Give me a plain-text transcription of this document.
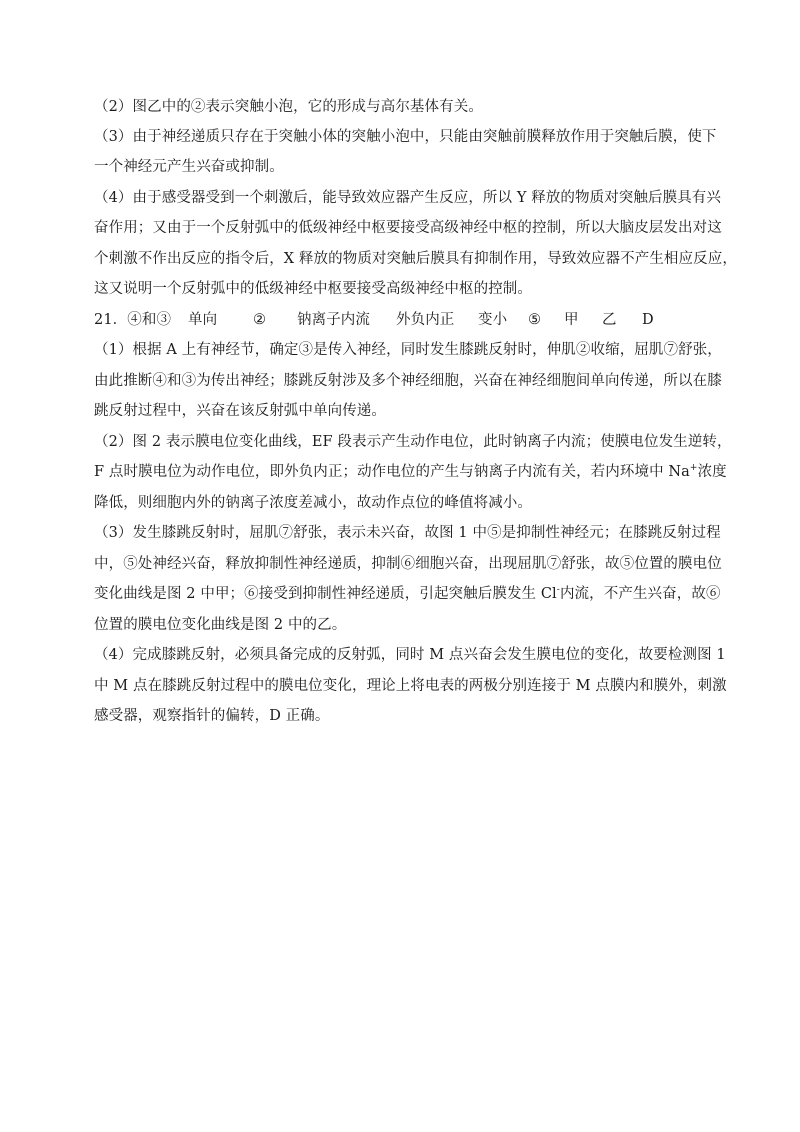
（2）图乙中的②表示突触小泡，它的形成与高尔基体有关。
（3）由于神经递质只存在于突触小体的突触小泡中，只能由突触前膜释放作用于突触后膜，使下
一个神经元产生兴奋或抑制。
（4）由于感受器受到一个刺激后，能导致效应器产生反应，所以 Y 释放的物质对突触后膜具有兴
奋作用；又由于一个反射弧中的低级神经中枢要接受高级神经中枢的控制，所以大脑皮层发出对这
个刺激不作出反应的指令后，X 释放的物质对突触后膜具有抑制作用，导致效应器不产生相应反应，
这又说明一个反射弧中的低级神经中枢要接受高级神经中枢的控制。
21．④和③	单向	②	钠离子内流	外负内正	变小	⑤	甲	乙	D
（1）根据 A 上有神经节，确定③是传入神经，同时发生膝跳反射时，伸肌②收缩，屈肌⑦舒张，
由此推断④和③为传出神经；膝跳反射涉及多个神经细胞，兴奋在神经细胞间单向传递，所以在膝
跳反射过程中，兴奋在该反射弧中单向传递。
（2）图 2 表示膜电位变化曲线，EF 段表示产生动作电位，此时钠离子内流；使膜电位发生逆转，
F 点时膜电位为动作电位，即外负内正；动作电位的产生与钠离子内流有关，若内环境中 Na+浓度
降低，则细胞内外的钠离子浓度差减小，故动作点位的峰值将减小。
（3）发生膝跳反射时，屈肌⑦舒张，表示未兴奋，故图 1 中⑤是抑制性神经元；在膝跳反射过程
中，⑤处神经兴奋，释放抑制性神经递质，抑制⑥细胞兴奋，出现屈肌⑦舒张，故⑤位置的膜电位
变化曲线是图 2 中甲；⑥接受到抑制性神经递质，引起突触后膜发生 Cl-内流，不产生兴奋，故⑥
位置的膜电位变化曲线是图 2 中的乙。
（4）完成膝跳反射，必须具备完成的反射弧，同时 M 点兴奋会发生膜电位的变化，故要检测图 1
中 M 点在膝跳反射过程中的膜电位变化，理论上将电表的两极分别连接于 M 点膜内和膜外，刺激
感受器，观察指针的偏转，D 正确。
